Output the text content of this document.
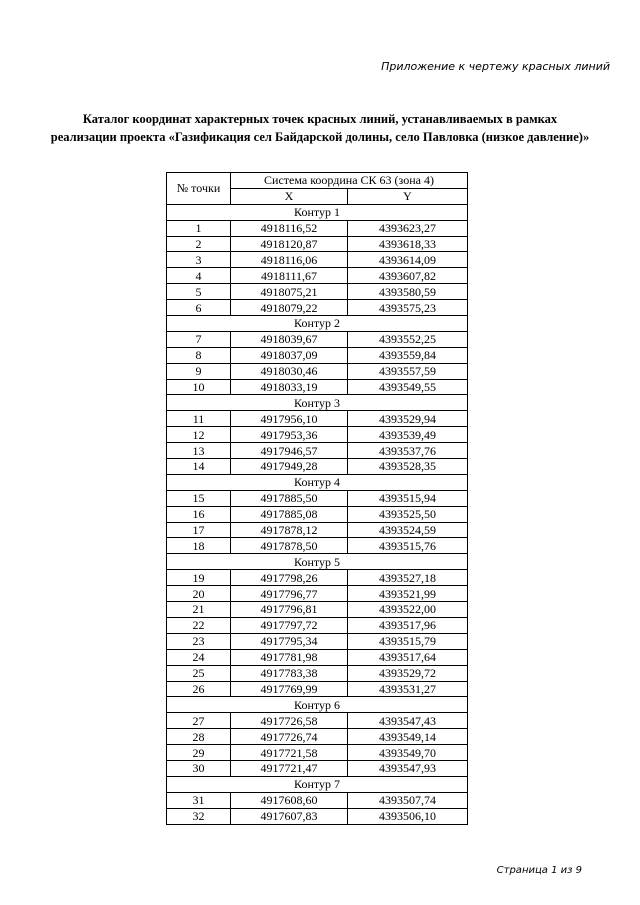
Приложение к чертежу красных линий
Каталог координат характерных точек красных линий, устанавливаемых в рамках реализации проекта «Газификация сел Байдарской долины, село Павловка (низкое давление)»
№ точки	Система координа СК 63 (зона 4)	
	X	Y
Контур 1		
1	4918116,52	4393623,27
2	4918120,87	4393618,33
3	4918116,06	4393614,09
4	4918111,67	4393607,82
5	4918075,21	4393580,59
6	4918079,22	4393575,23
Контур 2		
7	4918039,67	4393552,25
8	4918037,09	4393559,84
9	4918030,46	4393557,59
10	4918033,19	4393549,55
Контур 3		
11	4917956,10	4393529,94
12	4917953,36	4393539,49
13	4917946,57	4393537,76
14	4917949,28	4393528,35
Контур 4		
15	4917885,50	4393515,94
16	4917885,08	4393525,50
17	4917878,12	4393524,59
18	4917878,50	4393515,76
Контур 5		
19	4917798,26	4393527,18
20	4917796,77	4393521,99
21	4917796,81	4393522,00
22	4917797,72	4393517,96
23	4917795,34	4393515,79
24	4917781,98	4393517,64
25	4917783,38	4393529,72
26	4917769,99	4393531,27
Контур 6		
27	4917726,58	4393547,43
28	4917726,74	4393549,14
29	4917721,58	4393549,70
30	4917721,47	4393547,93
Контур 7		
31	4917608,60	4393507,74
32	4917607,83	4393506,10
Страница 1 из 9
